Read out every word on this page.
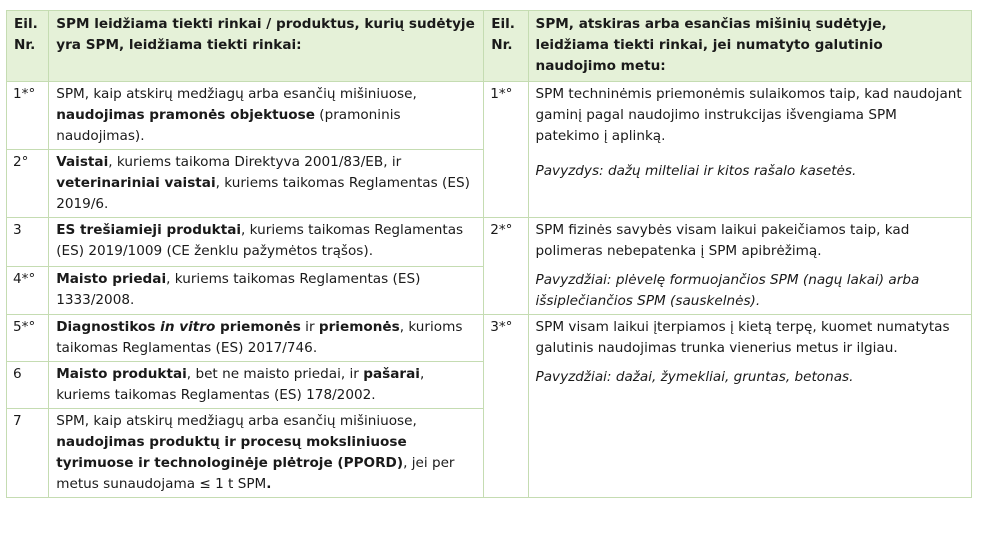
Eil. Nr.	SPM leidžiama tiekti rinkai / produktus, kurių sudėtyje yra SPM, leidžiama tiekti rinkai:	Eil. Nr.	SPM, atskiras arba esančias mišinių sudėtyje, leidžiama tiekti rinkai, jei numatyto galutinio naudojimo metu:
1*°	SPM, kaip atskirų medžiagų arba esančių mišiniuose, naudojimas pramonės objektuose (pramoninis naudojimas).	1*°	SPM techninėmis priemonėmis sulaikomos taip, kad naudojant gaminį pagal naudojimo instrukcijas išvengiama SPM patekimo į aplinką.

Pavyzdys: dažų milteliai ir kitos rašalo kasetės.

2°	Vaistai, kuriems taikoma Direktyva 2001/83/EB, ir veterinariniai vaistai, kuriems taikomas Reglamentas (ES) 2019/6.		
3	ES trešiamieji produktai, kuriems taikomas Reglamentas (ES) 2019/1009 (CE ženklu pažymėtos trąšos).	2*°	SPM fizinės savybės visam laikui pakeičiamos taip, kad polimeras nebepatenka į SPM apibrėžimą.

Pavyzdžiai: plėvelę formuojančios SPM (nagų lakai) arba išsiplečiančios SPM (sauskelnės).

4*°	Maisto priedai, kuriems taikomas Reglamentas (ES) 1333/2008.		
5*°	Diagnostikos in vitro priemonės ir priemonės, kurioms taikomas Reglamentas (ES) 2017/746.	3*°	SPM visam laikui įterpiamos į kietą terpę, kuomet numatytas galutinis naudojimas trunka vienerius metus ir ilgiau.

Pavyzdžiai: dažai, žymekliai, gruntas, betonas.

6	Maisto produktai, bet ne maisto priedai, ir pašarai, kuriems taikomas Reglamentas (ES) 178/2002.		
7	SPM, kaip atskirų medžiagų arba esančių mišiniuose, naudojimas produktų ir procesų moksliniuose tyrimuose ir technologinėje plėtroje (PPORD), jei per metus sunaudojama ≤ 1 t SPM.		
